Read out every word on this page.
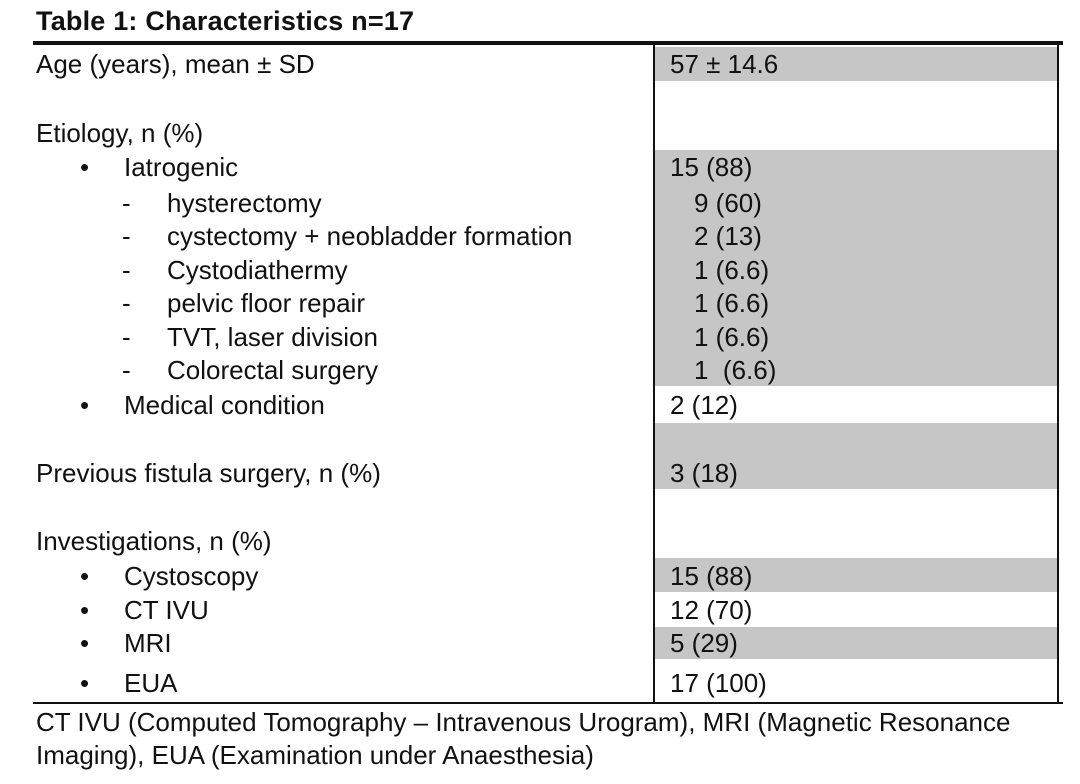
Table 1: Characteristics n=17
Age (years), mean ± SD	57 ± 14.6
Etiology, n (%)
• Iatrogenic	15 (88)
- hysterectomy	9 (60)
- cystectomy + neobladder formation	2 (13)
- Cystodiathermy	1 (6.6)
- pelvic floor repair	1 (6.6)
- TVT, laser division	1 (6.6)
- Colorectal surgery	1  (6.6)
• Medical condition	2 (12)
Previous fistula surgery, n (%)	3 (18)
Investigations, n (%)
• Cystoscopy	15 (88)
• CT IVU	12 (70)
• MRI	5 (29)
• EUA	17 (100)
CT IVU (Computed Tomography – Intravenous Urogram), MRI (Magnetic Resonance Imaging), EUA (Examination under Anaesthesia)
